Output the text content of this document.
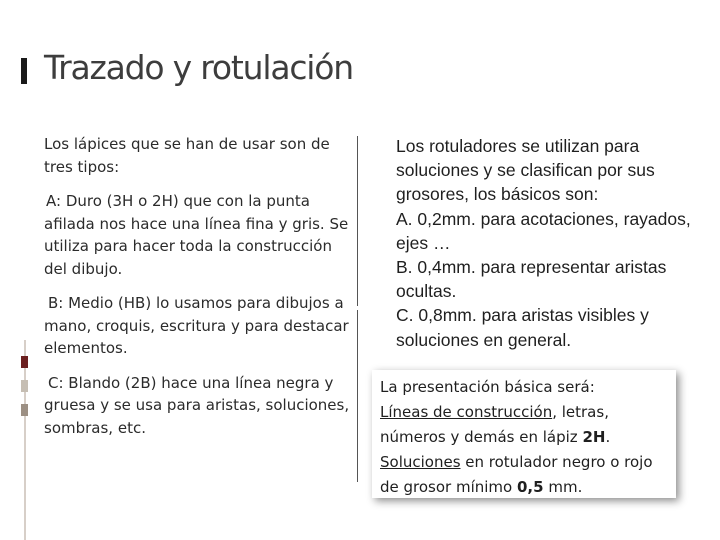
Trazado y rotulación

Los lápices que se han de usar son de tres tipos:

A: Duro (3H o 2H) que con la punta afilada nos hace una línea fina y gris. Se utiliza para hacer toda la construcción del dibujo.

B: Medio (HB) lo usamos para dibujos a mano, croquis, escritura y para destacar elementos.

C: Blando (2B) hace una línea negra y gruesa y se usa para aristas, soluciones, sombras, etc.

Los rotuladores se utilizan para soluciones y se clasifican por sus grosores, los básicos son:
A. 0,2mm. para acotaciones, rayados, ejes …
B. 0,4mm. para representar aristas ocultas.
C. 0,8mm. para aristas visibles y soluciones en general.
La presentación básica será:
Líneas de construcción, letras, números y demás en lápiz 2H. Soluciones en rotulador negro o rojo de grosor mínimo 0,5 mm.
